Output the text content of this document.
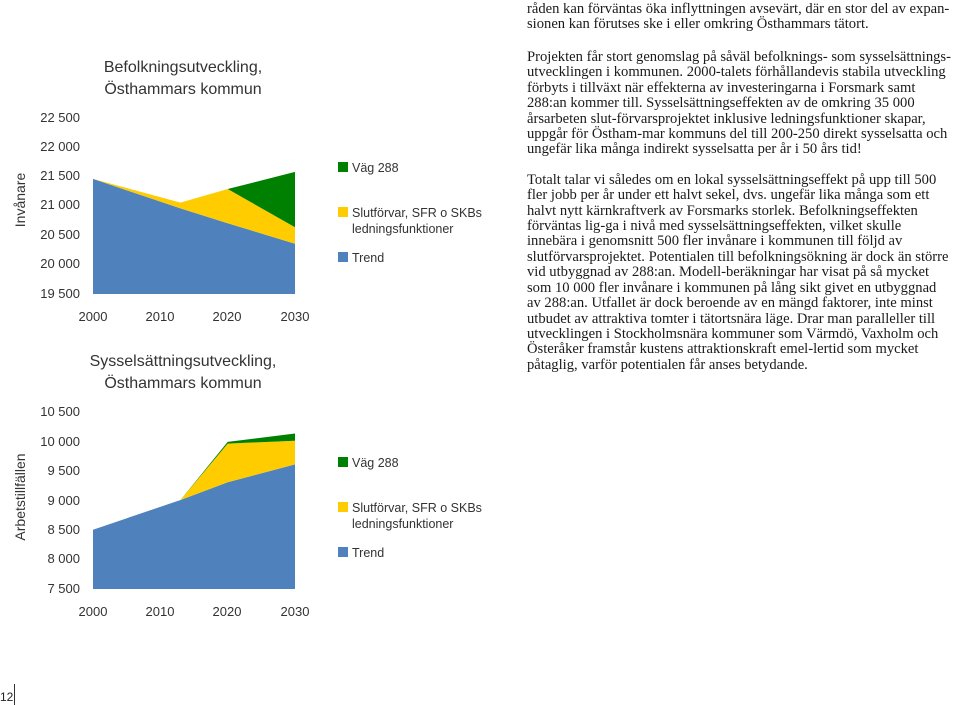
Befolkningsutveckling,
Östhammars kommun
Invånare
22 500
22 000
21 500
21 000
20 500
20 000
19 500
2000	2010	2020	2030
Väg 288
Slutförvar, SFR o SKBs
ledningsfunktioner
Trend
Sysselsättningsutveckling,
Östhammars kommun
Arbetstillfällen
10 500
10 000
9 500
9 000
8 500
8 000
7 500
2000	2010	2020	2030
Väg 288
Slutförvar, SFR o SKBs
ledningsfunktioner
Trend

råden kan förväntas öka inflyttningen avsevärt, där en stor del av expan-sionen kan förutses ske i eller omkring Östhammars tätort.

Projekten får stort genomslag på såväl befolknings- som sysselsättnings-utvecklingen i kommunen. 2000-talets förhållandevis stabila utveckling förbyts i tillväxt när effekterna av investeringarna i Forsmark samt 288:an kommer till. Sysselsättningseffekten av de omkring 35 000 årsarbeten slut-förvarsprojektet inklusive ledningsfunktioner skapar, uppgår för Östham-mar kommuns del till 200-250 direkt sysselsatta och ungefär lika många indirekt sysselsatta per år i 50 års tid!

Totalt talar vi således om en lokal sysselsättningseffekt på upp till 500 fler jobb per år under ett halvt sekel, dvs. ungefär lika många som ett halvt nytt kärnkraftverk av Forsmarks storlek. Befolkningseffekten förväntas lig-ga i nivå med sysselsättningseffekten, vilket skulle innebära i genomsnitt 500 fler invånare i kommunen till följd av slutförvarsprojektet. Potentialen till befolkningsökning är dock än större vid utbyggnad av 288:an. Modell-beräkningar har visat på så mycket som 10 000 fler invånare i kommunen på lång sikt givet en utbyggnad av 288:an. Utfallet är dock beroende av en mängd faktorer, inte minst utbudet av attraktiva tomter i tätortsnära läge. Drar man paralleller till utvecklingen i Stockholmsnära kommuner som Värmdö, Vaxholm och Österåker framstår kustens attraktionskraft emel-lertid som mycket påtaglig, varför potentialen får anses betydande.

12
